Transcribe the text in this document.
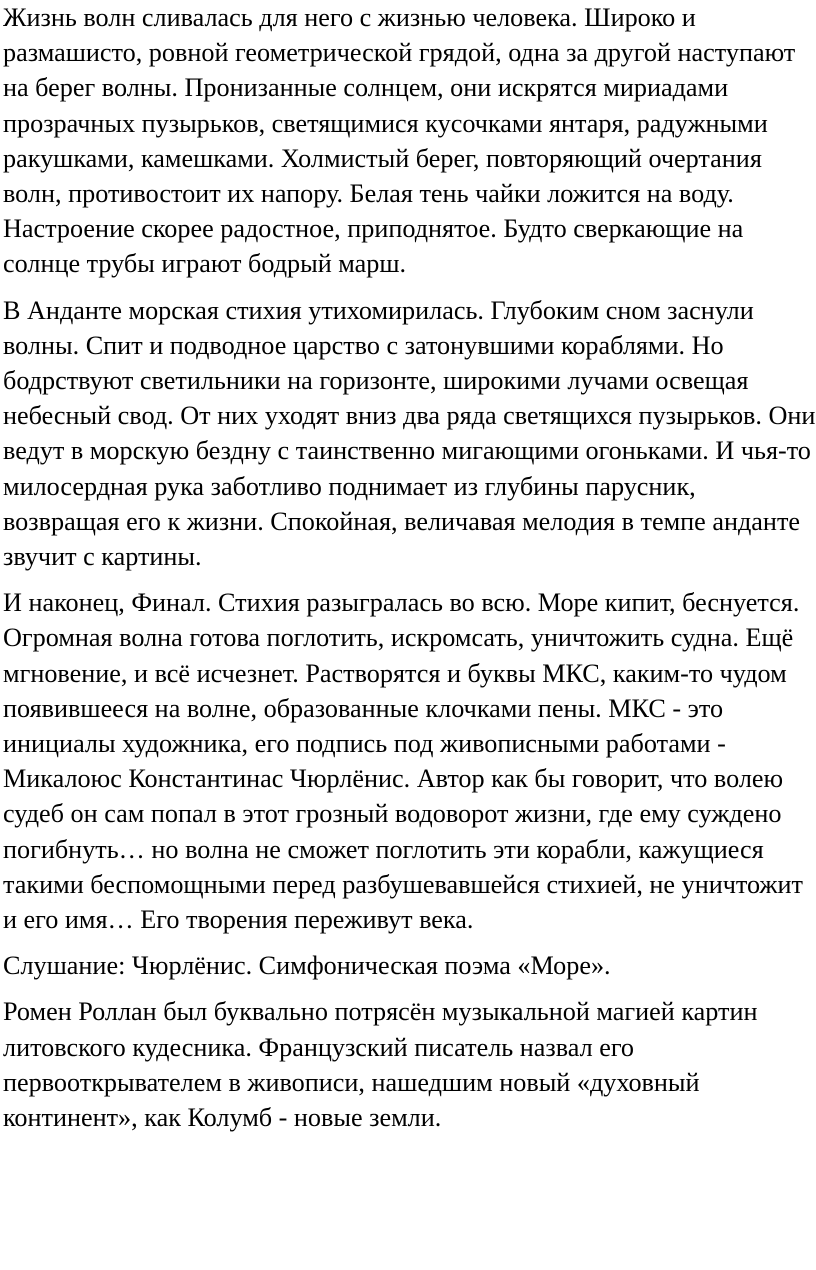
Жизнь волн сливалась для него с жизнью человека. Широко и размашисто, ровной геометрической грядой, одна за другой наступают на берег волны. Пронизанные солнцем, они искрятся мириадами прозрачных пузырьков, светящимися кусочками янтаря, радужными ракушками, камешками. Холмистый берег, повторяющий очертания волн, противостоит их напору. Белая тень чайки ложится на воду. Настроение скорее радостное, приподнятое. Будто сверкающие на солнце трубы играют бодрый марш.

В Анданте морская стихия утихомирилась. Глубоким сном заснули волны. Спит и подводное царство с затонувшими кораблями. Но бодрствуют светильники на горизонте, широкими лучами освещая небесный свод. От них уходят вниз два ряда светящихся пузырьков. Они ведут в морскую бездну с таинственно мигающими огоньками. И чья-то милосердная рука заботливо поднимает из глубины парусник, возвращая его к жизни. Спокойная, величавая мелодия в темпе анданте звучит с картины.

И наконец, Финал. Стихия разыгралась во всю. Море кипит, беснуется. Огромная волна готова поглотить, искромсать, уничтожить судна. Ещё мгновение, и всё исчезнет. Растворятся и буквы МКС, каким-то чудом появившееся на волне, образованные клочками пены. МКС - это инициалы художника, его подпись под живописными работами - Микалоюс Константинас Чюрлёнис. Автор как бы говорит, что волею судеб он сам попал в этот грозный водоворот жизни, где ему суждено погибнуть… но волна не сможет поглотить эти корабли, кажущиеся такими беспомощными перед разбушевавшейся стихией, не уничтожит и его имя… Его творения переживут века.

Слушание: Чюрлёнис. Симфоническая поэма «Море».

Ромен Роллан был буквально потрясён музыкальной магией картин литовского кудесника. Французский писатель назвал его первооткрывателем в живописи, нашедшим новый «духовный континент», как Колумб - новые земли.
